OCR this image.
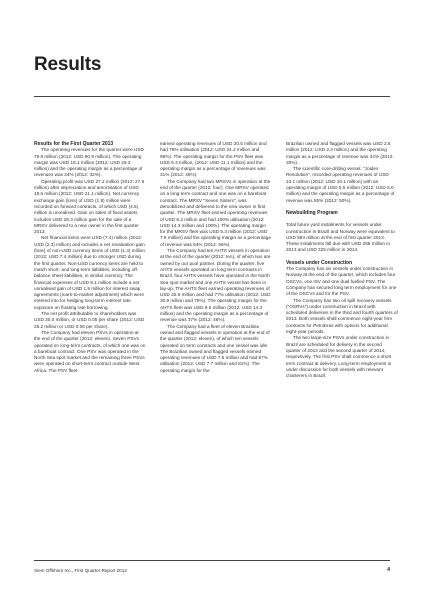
Results
Results for the First Quarter 2013

The operating revenues for the quarter were USD 79.8 million (2012: USD 90.9 million). The operating margin was USD 19.1 million (2012: USD 29.3 million) and the operating margin as a percentage of revenues was 24% (2012: 32%).

Operating profit was USD 27.2 million (2012: 27.6 million) after depreciation and amortisation of USD 18.6 million (2012: USD 21.1 million). Net currency exchange gain (loss) of USD (1.8) million were recorded on forward contracts, of which USD (4.5) million is unrealised. Gain on sales of fixed assets includes USD 28.3 million gain for the sale of a MRSV delivered to a new owner in the first quarter 2013.

Net financial items were USD (7.4) million (2012: USD (2.3) million) and includes a net revaluation gain (loss) of non-USD currency items of USD (1.3) million (2012: USD 7.4 million) due to stronger USD during the first quarter. Non-USD currency items are held to match short- and long-term liabilities, including off-balance sheet liabilities, in similar currency. The financial expenses of USD 8.1 million include a net unrealised gain of USD 1.9 million for interest swap agreements (mark-to-market adjustment) which were entered into for hedging long-term interest rate exposure on floating rate borrowing.

The net profit attributable to shareholders was USD 20.0 million, or USD 0.05 per share (2012: USD 25.2 million or USD 0.06 per share).

The Company had eleven PSVs in operation at the end of the quarter (2012: eleven). Seven PSVs operated on long-term contracts, of which one was on a bareboat contract. One PSV was operated in the North Sea spot market and the remaining three PSVs were operated on short-term contract outside West Africa. The PSV fleet

earned operating revenues of USD 20.5 million and had 78% utilisation (2012: USD 24.2 million and 95%). The operating margin for the PSV fleet was USD 6.3 million, (2012: USD 11.1 million) and the operating margin as a percentage of revenues was 31% (2012: 46%).

The Company had two MRSVs in operation at the end of the quarter (2012: four). One MRSV operated on a long-term contract and one was on a bareboat contract. The MRSV "Seven Sisters", was demobilized and delivered to the new owner in first quarter. The MRSV fleet earned operating revenues of USD 8.2 million and had 100% utilisation (2012: USD 14.3 million and 100%). The operating margin for the MRSV fleet was USD 5.3 million (2012: USD 7.9 million) and the operating margin as a percentage of revenue was 64% (2012: 56%).

The Company had ten AHTS vessels in operation at the end of the quarter (2012: ten), of which two are owned by our pool partner. During the quarter, five AHTS vessels operated on long term contracts in Brazil, four AHTS vessels have operated in the North Sea spot market and one AHTS vessel has been in lay-up. The AHTS fleet earned operating revenues of USD 25.6 million and had 77% utilisation (2012: USD 30.9 million and 79%). The operating margin for the AHTS fleet was USD 9.5 million (2012: USD 14.3 million) and the operating margin as a percentage of revenue was 37% (2012: 46%).

The Company had a fleet of eleven Brazilian owned and flagged vessels in operation at the end of the quarter (2012: eleven), of which ten vessels operated on term contracts and one vessel was idle. The Brazilian owned and flagged vessels earned operating revenues of USD 7.5 million and had 87% utilisation (2012: USD 7.7 million and 81%). The operating margin for the

Brazilian owned and flagged vessels was USD 2.6 million (2012: USD 2.3 million) and the operating margin as a percentage of revenue was 34% (2012: 30%).

The scientific core-drilling vessel, "Joides Resolution", recorded operating revenues of USD 10.1 million (2012: USD 10.1 million) with an operating margin of USD 5.5 million (2012: USD 5.0 million) and the operating margin as a percentage of revenue was 55% (2012: 50%).

Newbuilding Program

Total future yard instalments for vessels under construction in Brazil and Norway were equivalent to USD 583 million at the end of first quarter 2013. These instalments fall due with USD 258 million in 2013 and USD 325 million in 2014.

Vessels under Construction

The Company has six vessels under construction in Norway at the end of the quarter, which includes four OSCVs, one ISV and one dual fuelled PSV. The Company has secured long term employment for one of the OSCVs and for the PSV.

The Company has two oil spill recovery vessels ("OSRVs") under construction in Brazil with scheduled deliveries in the third and fourth quarters of 2013. Both vessels shall commence eight-year firm contracts for Petrobras with options for additional eight-year periods.

The two large-size PSVs under construction in Brazil are scheduled for delivery in the second quarter of 2013 and the second quarter of 2014, respectively. The first PSV shall commence a short term contract at delivery. Long-term employment is under discussion for both vessels with relevant charterers in Brazil.

Siem Offshore Inc., First Quarter Report 2013	4
